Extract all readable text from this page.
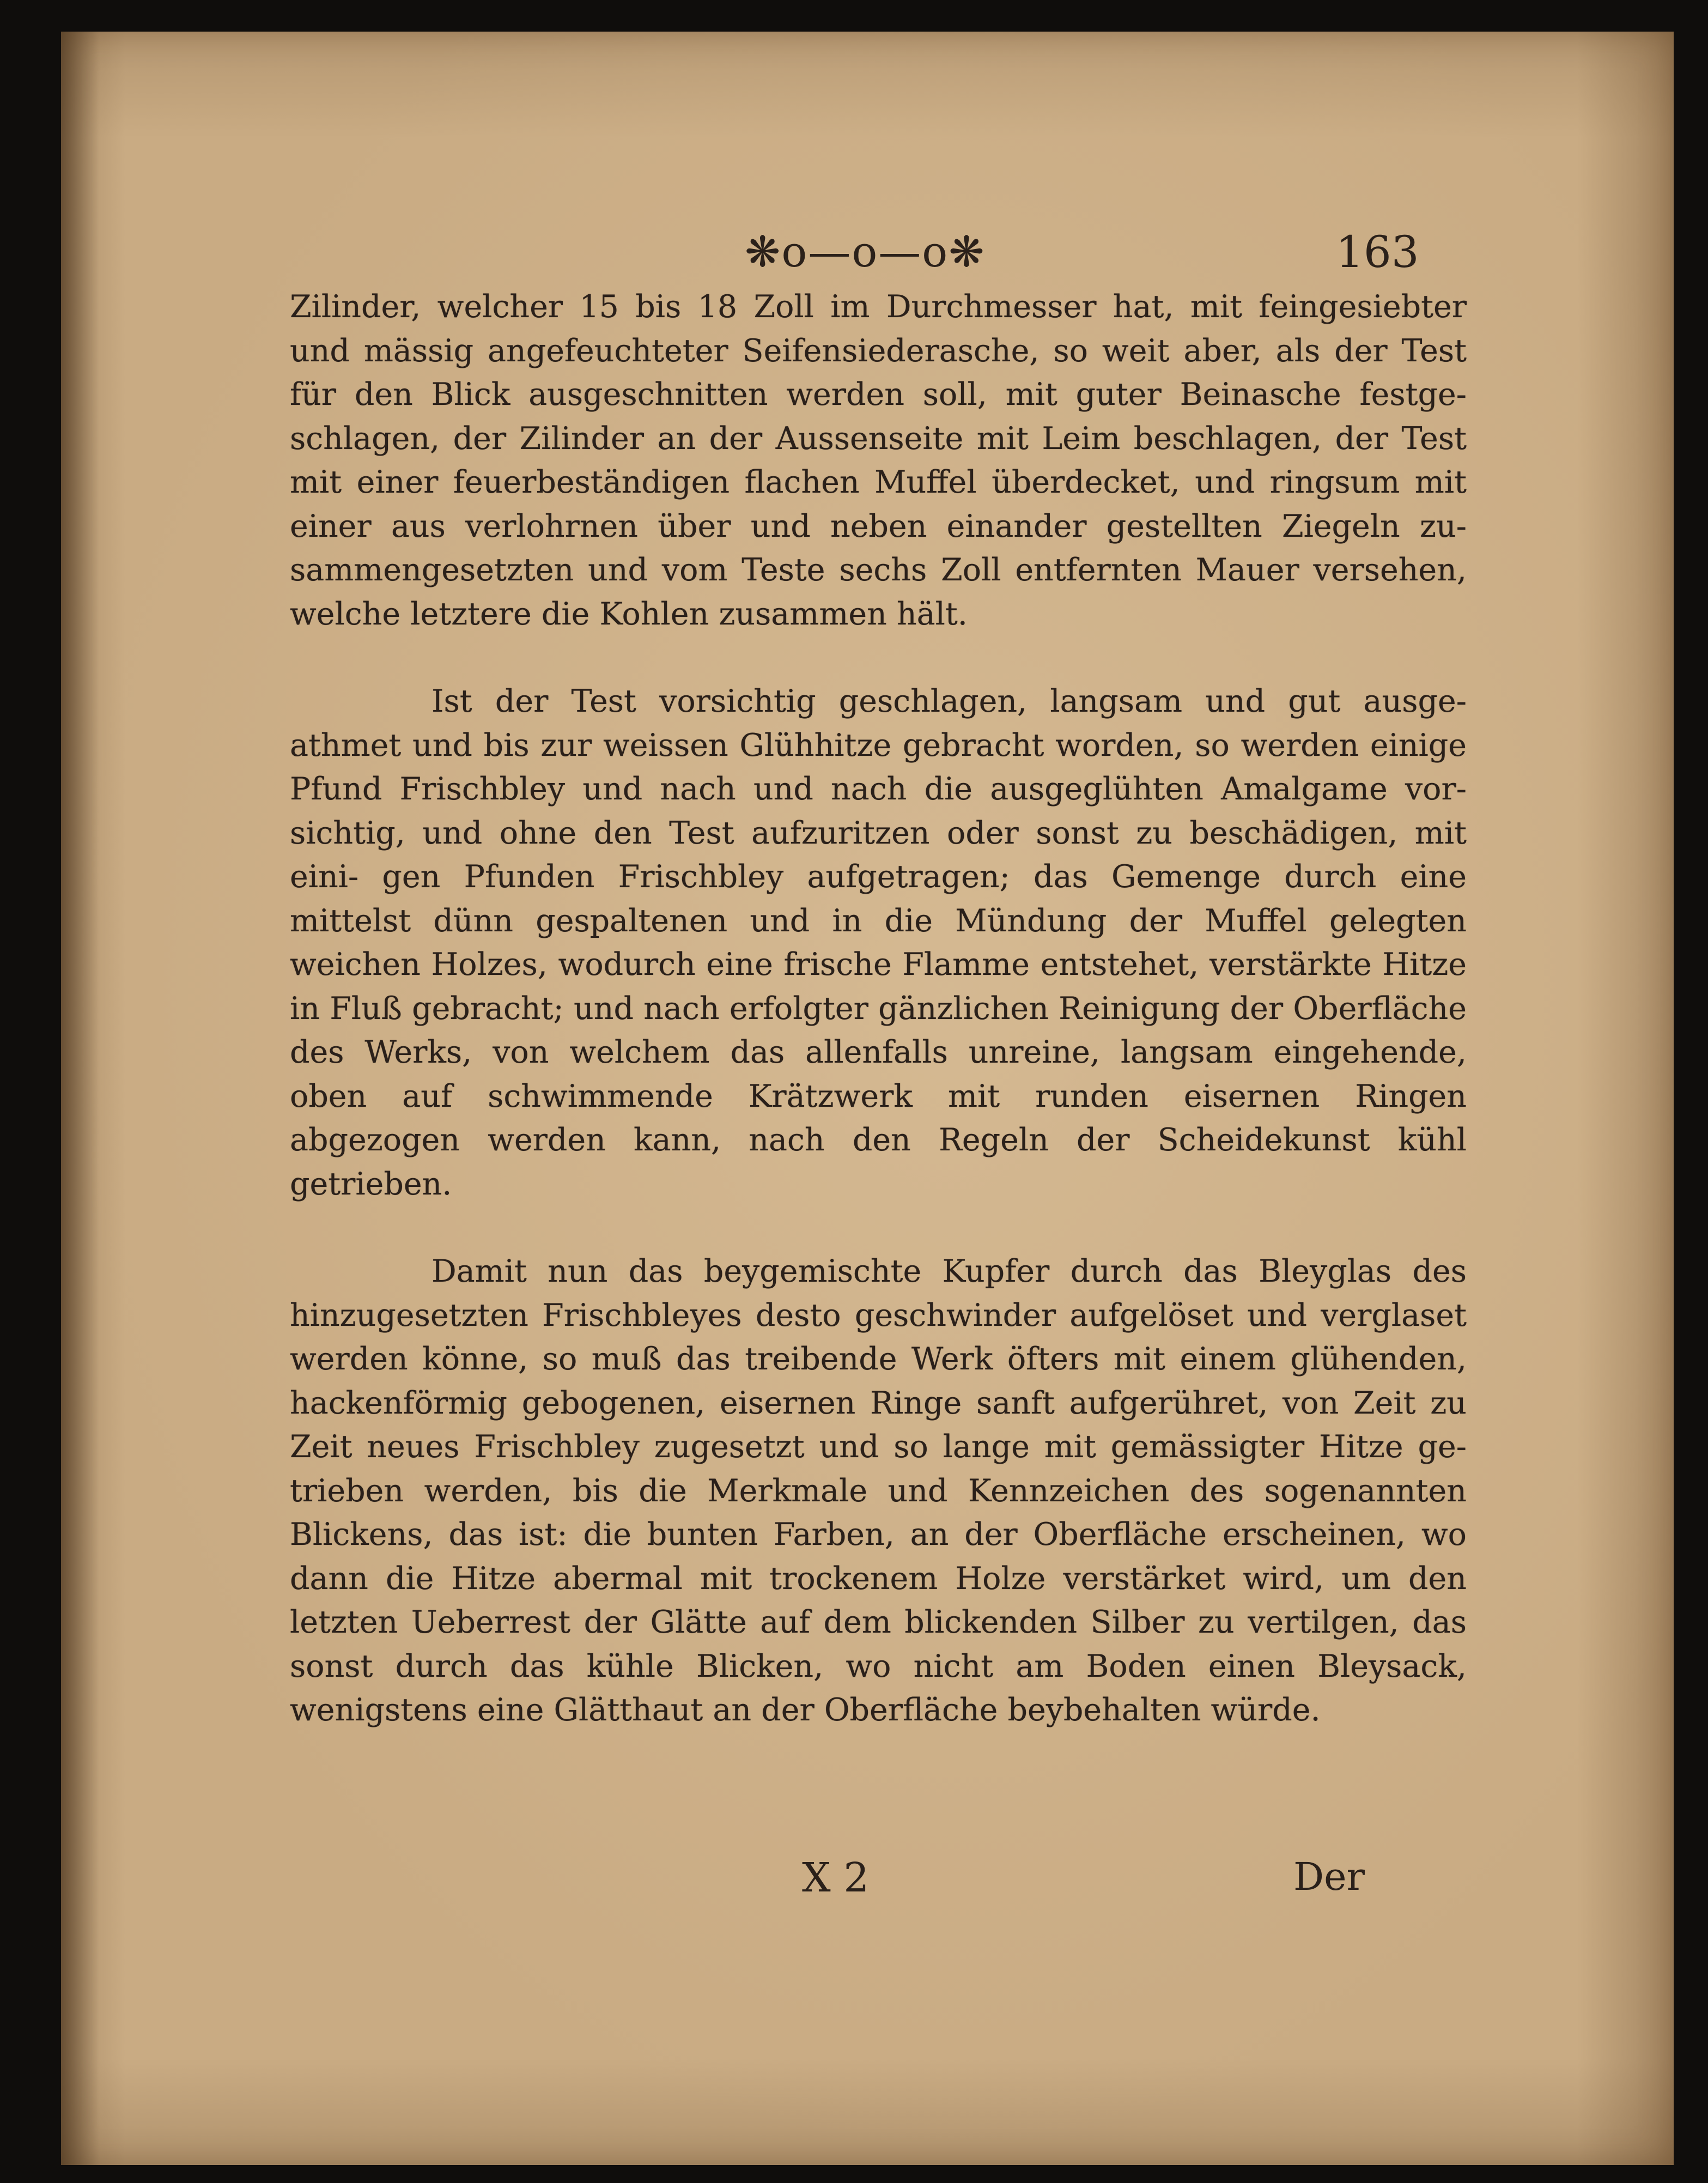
❋o—o—o❋	163

Zilinder, welcher 15 bis 18 Zoll im Durchmesser hat, mit feingesiebter und mässig angefeuchteter Seifensiederasche, so weit aber, als der Test für den Blick ausgeschnitten werden soll, mit guter Beinasche festge- schlagen, der Zilinder an der Aussenseite mit Leim beschlagen, der Test mit einer feuerbeständigen flachen Muffel überdecket, und ringsum mit einer aus verlohrnen über und neben einander gestellten Ziegeln zu- sammengesetzten und vom Teste sechs Zoll entfernten Mauer versehen, welche letztere die Kohlen zusammen hält.

Ist der Test vorsichtig geschlagen, langsam und gut ausge- athmet und bis zur weissen Glühhitze gebracht worden, so werden einige Pfund Frischbley und nach und nach die ausgeglühten Amalgame vor- sichtig, und ohne den Test aufzuritzen oder sonst zu beschädigen, mit eini- gen Pfunden Frischbley aufgetragen; das Gemenge durch eine mittelst dünn gespaltenen und in die Mündung der Muffel gelegten weichen Holzes, wodurch eine frische Flamme entstehet, verstärkte Hitze in Fluß gebracht; und nach erfolgter gänzlichen Reinigung der Oberfläche des Werks, von welchem das allenfalls unreine, langsam eingehende, oben auf schwimmende Krätzwerk mit runden eisernen Ringen abgezogen werden kann, nach den Regeln der Scheidekunst kühl getrieben.

Damit nun das beygemischte Kupfer durch das Bleyglas des hinzugesetzten Frischbleyes desto geschwinder aufgelöset und verglaset werden könne, so muß das treibende Werk öfters mit einem glühenden, hackenförmig gebogenen, eisernen Ringe sanft aufgerühret, von Zeit zu Zeit neues Frischbley zugesetzt und so lange mit gemässigter Hitze ge- trieben werden, bis die Merkmale und Kennzeichen des sogenannten Blickens, das ist: die bunten Farben, an der Oberfläche erscheinen, wo dann die Hitze abermal mit trockenem Holze verstärket wird, um den letzten Ueberrest der Glätte auf dem blickenden Silber zu vertilgen, das sonst durch das kühle Blicken, wo nicht am Boden einen Bleysack, wenigstens eine Glätthaut an der Oberfläche beybehalten würde.

X 2	Der
